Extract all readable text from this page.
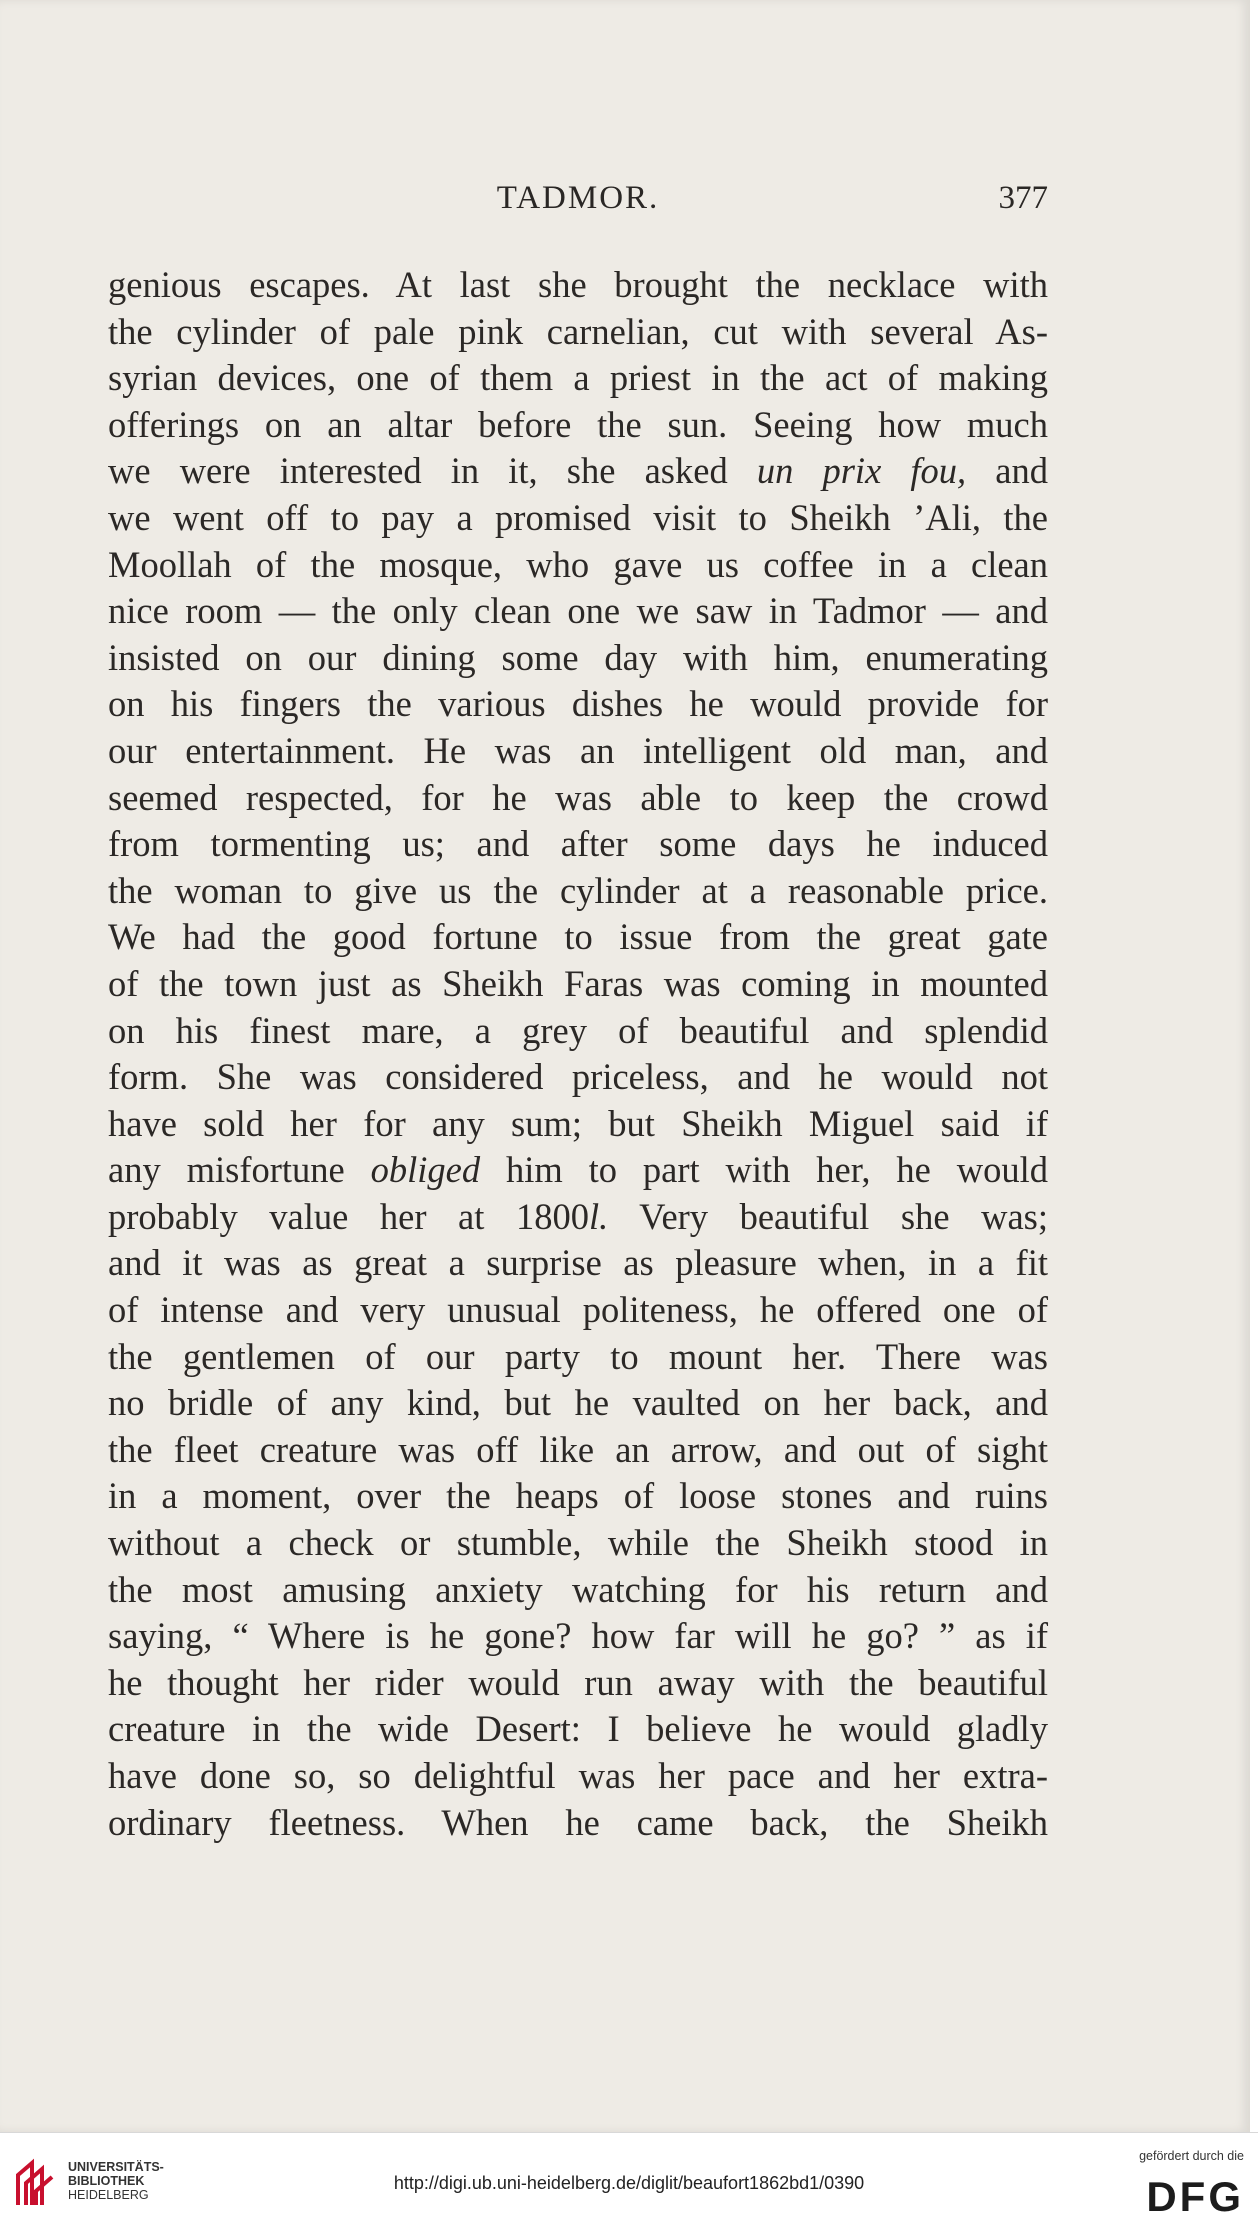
TADMOR.	377
genious escapes. At last she brought the necklace with
the cylinder of pale pink carnelian, cut with several As-
syrian devices, one of them a priest in the act of making
offerings on an altar before the sun. Seeing how much
we were interested in it, she asked un prix fou, and
we went off to pay a promised visit to Sheikh ’Ali, the
Moollah of the mosque, who gave us coffee in a clean
nice room — the only clean one we saw in Tadmor — and
insisted on our dining some day with him, enumerating
on his fingers the various dishes he would provide for
our entertainment. He was an intelligent old man, and
seemed respected, for he was able to keep the crowd
from tormenting us; and after some days he induced
the woman to give us the cylinder at a reasonable price.
We had the good fortune to issue from the great gate
of the town just as Sheikh Faras was coming in mounted
on his finest mare, a grey of beautiful and splendid
form. She was considered priceless, and he would not
have sold her for any sum; but Sheikh Miguel said if
any misfortune obliged him to part with her, he would
probably value her at 1800l. Very beautiful she was;
and it was as great a surprise as pleasure when, in a fit
of intense and very unusual politeness, he offered one of
the gentlemen of our party to mount her. There was
no bridle of any kind, but he vaulted on her back, and
the fleet creature was off like an arrow, and out of sight
in a moment, over the heaps of loose stones and ruins
without a check or stumble, while the Sheikh stood in
the most amusing anxiety watching for his return and
saying, “ Where is he gone? how far will he go? ” as if
he thought her rider would run away with the beautiful
creature in the wide Desert: I believe he would gladly
have done so, so delightful was her pace and her extra-
ordinary fleetness. When he came back, the Sheikh
UNIVERSITÄTS-
BIBLIOTHEK
HEIDELBERG
http://digi.ub.uni-heidelberg.de/diglit/beaufort1862bd1/0390
gefördert durch die
DFG
